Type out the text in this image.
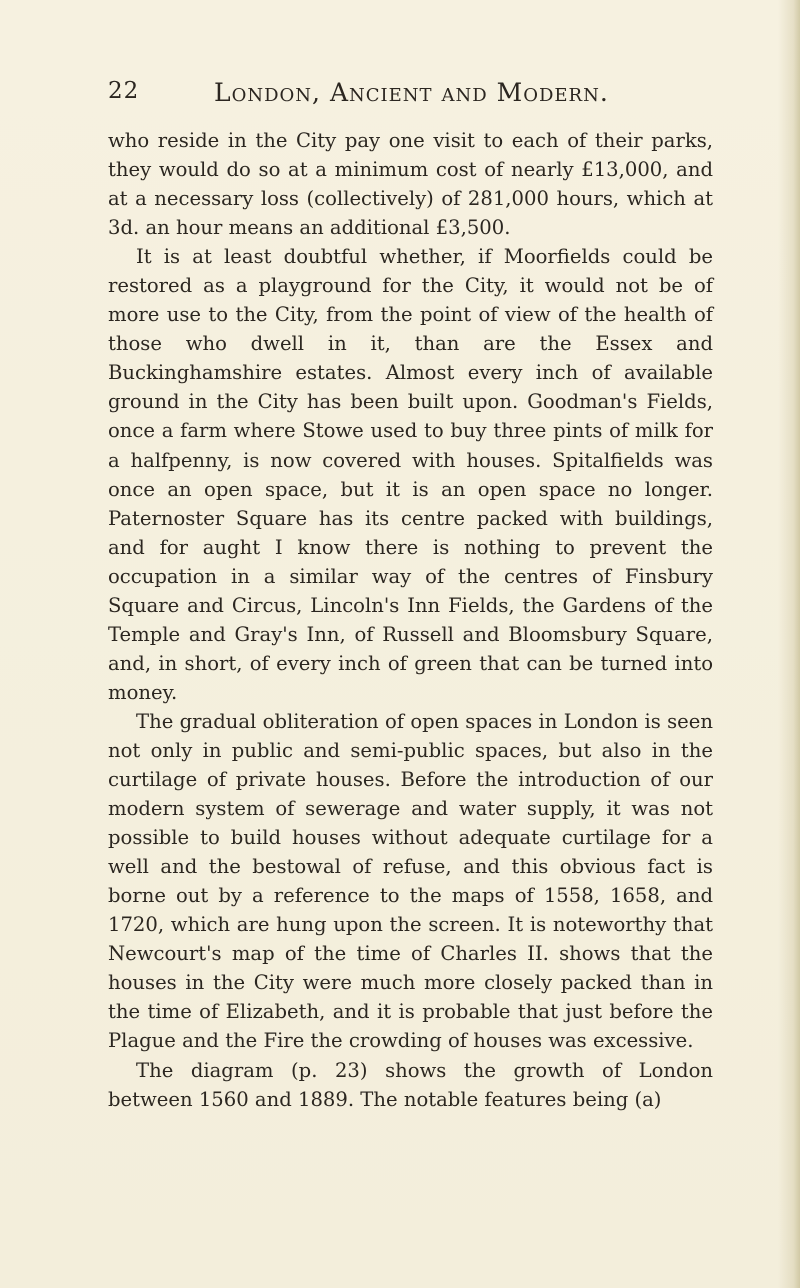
22	London, Ancient and Modern.

who reside in the City pay one visit to each of their parks, they would do so at a minimum cost of nearly £13,000, and at a necessary loss (collectively) of 281,000 hours, which at 3d. an hour means an additional £3,500.

It is at least doubtful whether, if Moorfields could be restored as a playground for the City, it would not be of more use to the City, from the point of view of the health of those who dwell in it, than are the Essex and Buckinghamshire estates. Almost every inch of available ground in the City has been built upon. Goodman's Fields, once a farm where Stowe used to buy three pints of milk for a halfpenny, is now covered with houses. Spitalfields was once an open space, but it is an open space no longer. Paternoster Square has its centre packed with buildings, and for aught I know there is nothing to prevent the occupation in a similar way of the centres of Finsbury Square and Circus, Lincoln's Inn Fields, the Gardens of the Temple and Gray's Inn, of Russell and Bloomsbury Square, and, in short, of every inch of green that can be turned into money.

The gradual obliteration of open spaces in London is seen not only in public and semi-public spaces, but also in the curtilage of private houses. Before the introduction of our modern system of sewerage and water supply, it was not possible to build houses without adequate curtilage for a well and the bestowal of refuse, and this obvious fact is borne out by a reference to the maps of 1558, 1658, and 1720, which are hung upon the screen. It is noteworthy that Newcourt's map of the time of Charles II. shows that the houses in the City were much more closely packed than in the time of Elizabeth, and it is probable that just before the Plague and the Fire the crowding of houses was excessive.

The diagram (p. 23) shows the growth of London between 1560 and 1889. The notable features being (a)
